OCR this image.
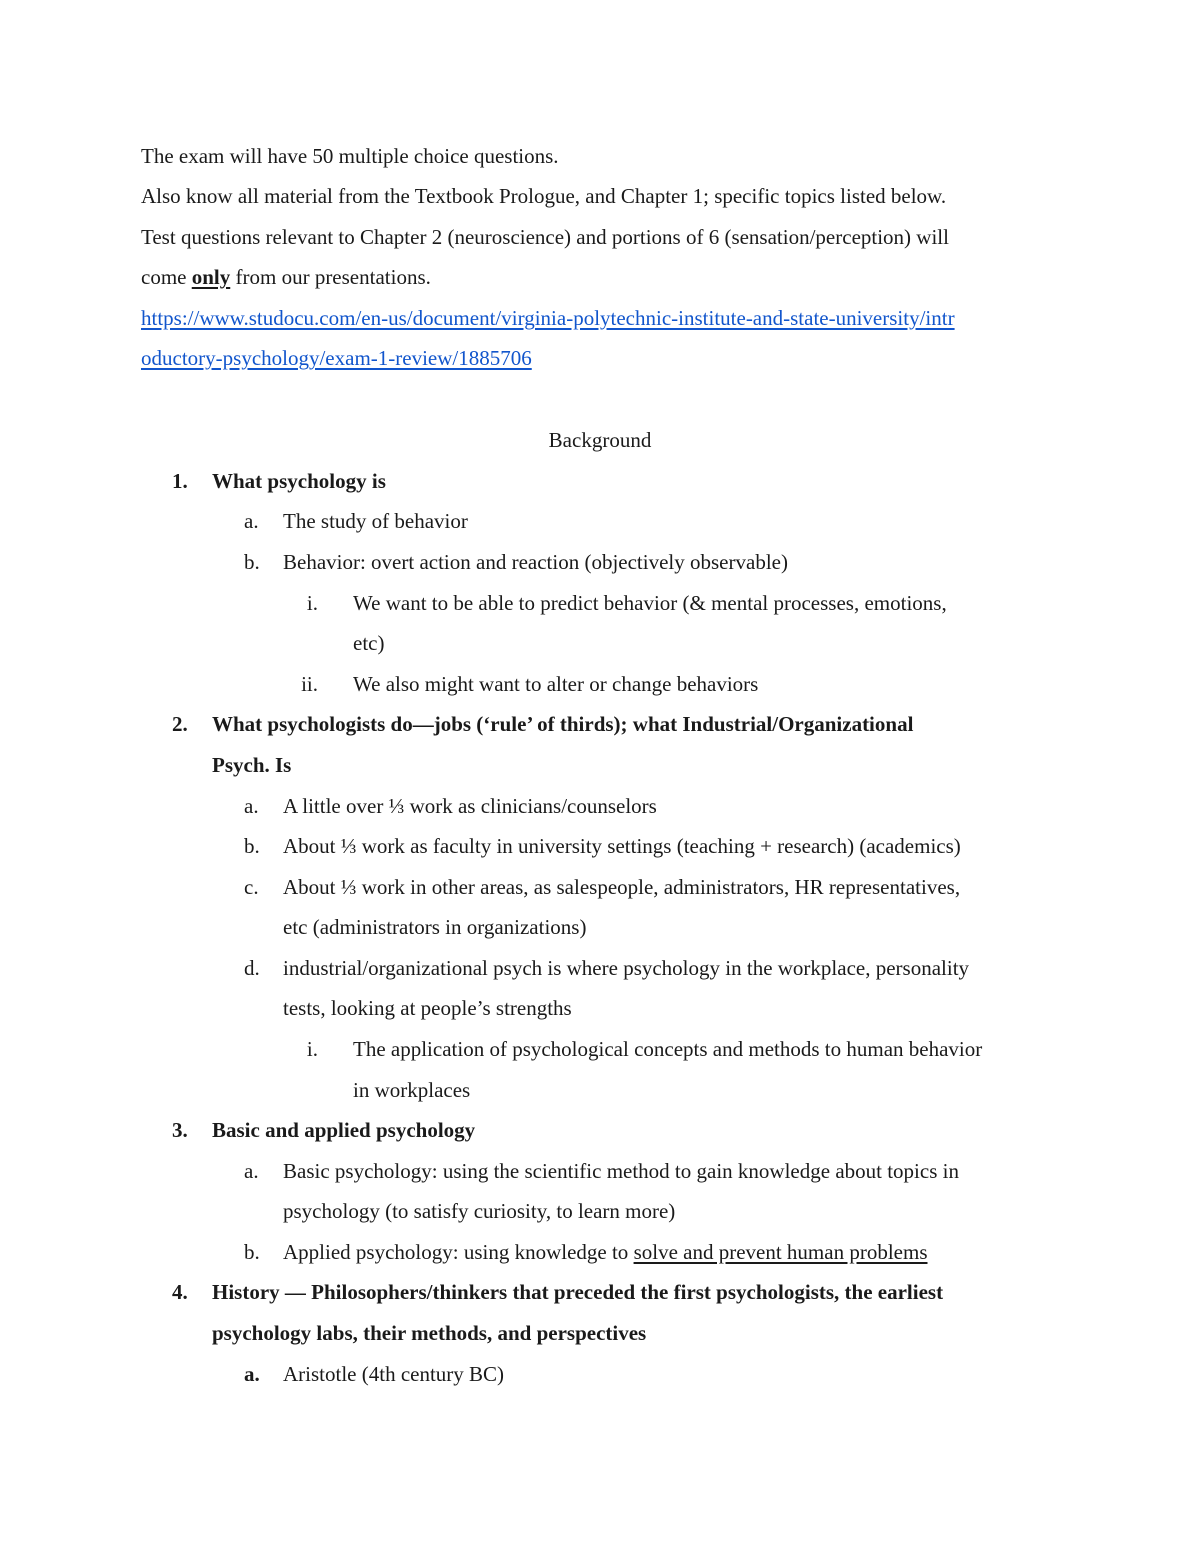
The exam will have 50 multiple choice questions.
Also know all material from the Textbook Prologue, and Chapter 1; specific topics listed below.
Test questions relevant to Chapter 2 (neuroscience) and portions of 6 (sensation/perception) will
come only from our presentations.
https://www.studocu.com/en-us/document/virginia-polytechnic-institute-and-state-university/intr
oductory-psychology/exam-1-review/1885706
Background
1.	What psychology is
a.	The study of behavior
b.	Behavior: overt action and reaction (objectively observable)
i. We want to be able to predict behavior (& mental processes, emotions,
etc)
ii. We also might want to alter or change behaviors
2.	What psychologists do—jobs (‘rule’ of thirds); what Industrial/Organizational
Psych. Is
a.	A little over ⅓ work as clinicians/counselors
b.	About ⅓ work as faculty in university settings (teaching + research) (academics)
c.	About ⅓ work in other areas, as salespeople, administrators, HR representatives,
etc (administrators in organizations)
d.	industrial/organizational psych is where psychology in the workplace, personality
tests, looking at people’s strengths
i. The application of psychological concepts and methods to human behavior
in workplaces
3.	Basic and applied psychology
a.	Basic psychology: using the scientific method to gain knowledge about topics in
psychology (to satisfy curiosity, to learn more)
b.	Applied psychology: using knowledge to solve and prevent human problems
4.	History –– Philosophers/thinkers that preceded the first psychologists, the earliest
psychology labs, their methods, and perspectives
a.	Aristotle (4th century BC)
